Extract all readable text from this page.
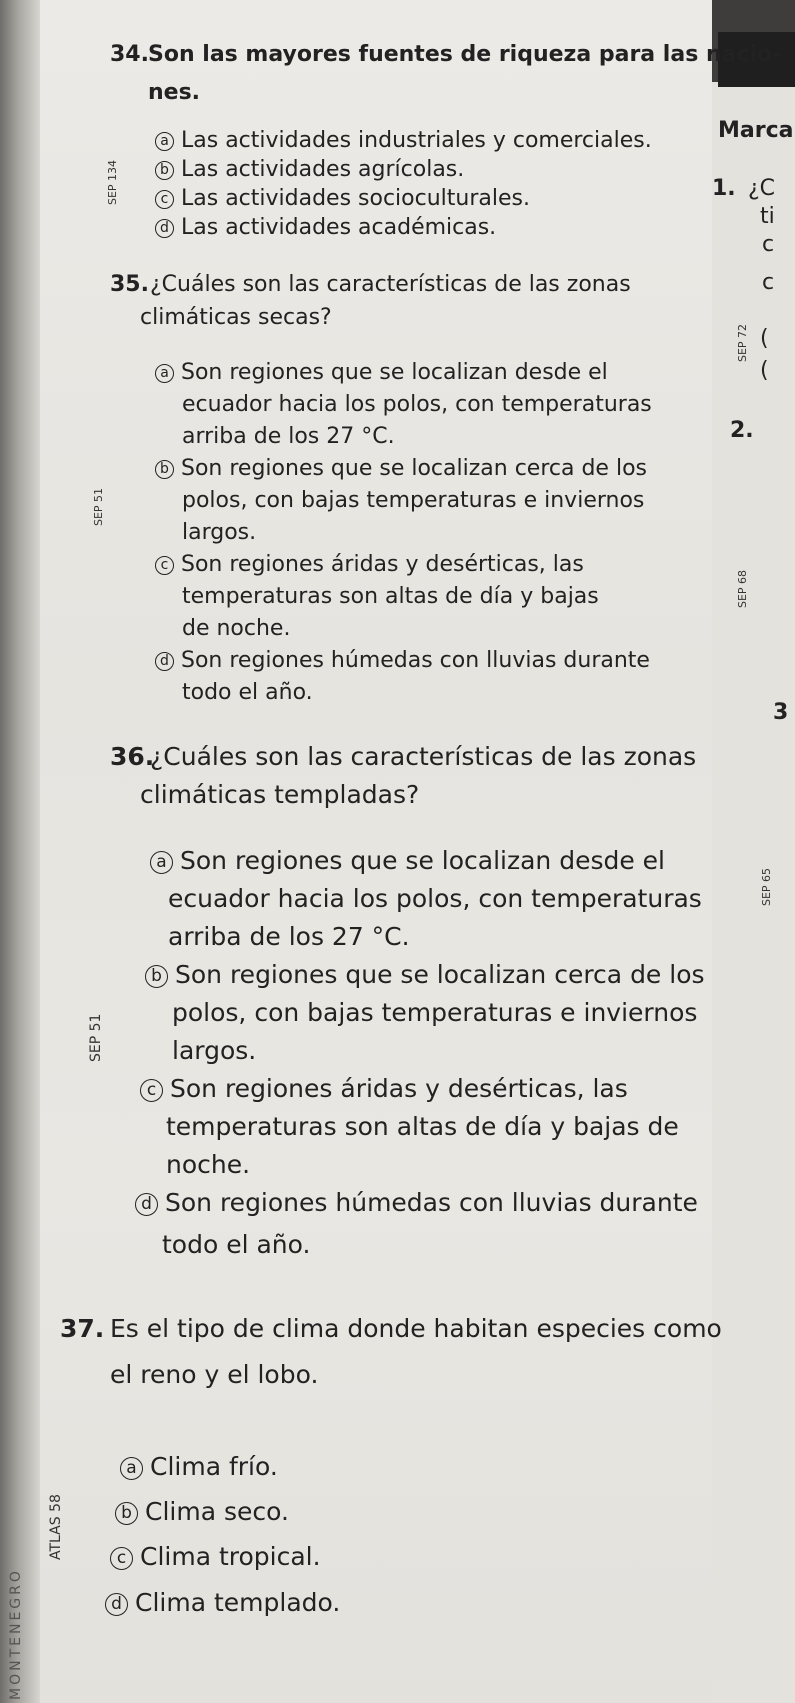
MONTENEGRO
34. Son las mayores fuentes de riqueza para las nacio-
nes.
a Las actividades industriales y comerciales.
b Las actividades agrícolas.
c Las actividades socioculturales.
d Las actividades académicas.
SEP 134
35. ¿Cuáles son las características de las zonas
climáticas secas?
a Son regiones que se localizan desde el
ecuador hacia los polos, con temperaturas
arriba de los 27 °C.
b Son regiones que se localizan cerca de los
polos, con bajas temperaturas e inviernos
largos.
SEP 51
c Son regiones áridas y desérticas, las
temperaturas son altas de día y bajas
de noche.
d Son regiones húmedas con lluvias durante
todo el año.
36.
¿Cuáles son las características de las zonas
climáticas templadas?
a Son regiones que se localizan desde el
ecuador hacia los polos, con temperaturas
arriba de los 27 °C.
b Son regiones que se localizan cerca de los
polos, con bajas temperaturas e inviernos
largos.
SEP 51
c Son regiones áridas y desérticas, las
temperaturas son altas de día y bajas de
noche.
d Son regiones húmedas con lluvias durante
todo el año.
37. Es el tipo de clima donde habitan especies como
el reno y el lobo.
a Clima frío.
b Clima seco.
c Clima tropical.
d Clima templado.
ATLAS 58
Marca
1. ¿C
ti
c
c
(
(
SEP 72
2.
SEP 68
3
SEP 65
